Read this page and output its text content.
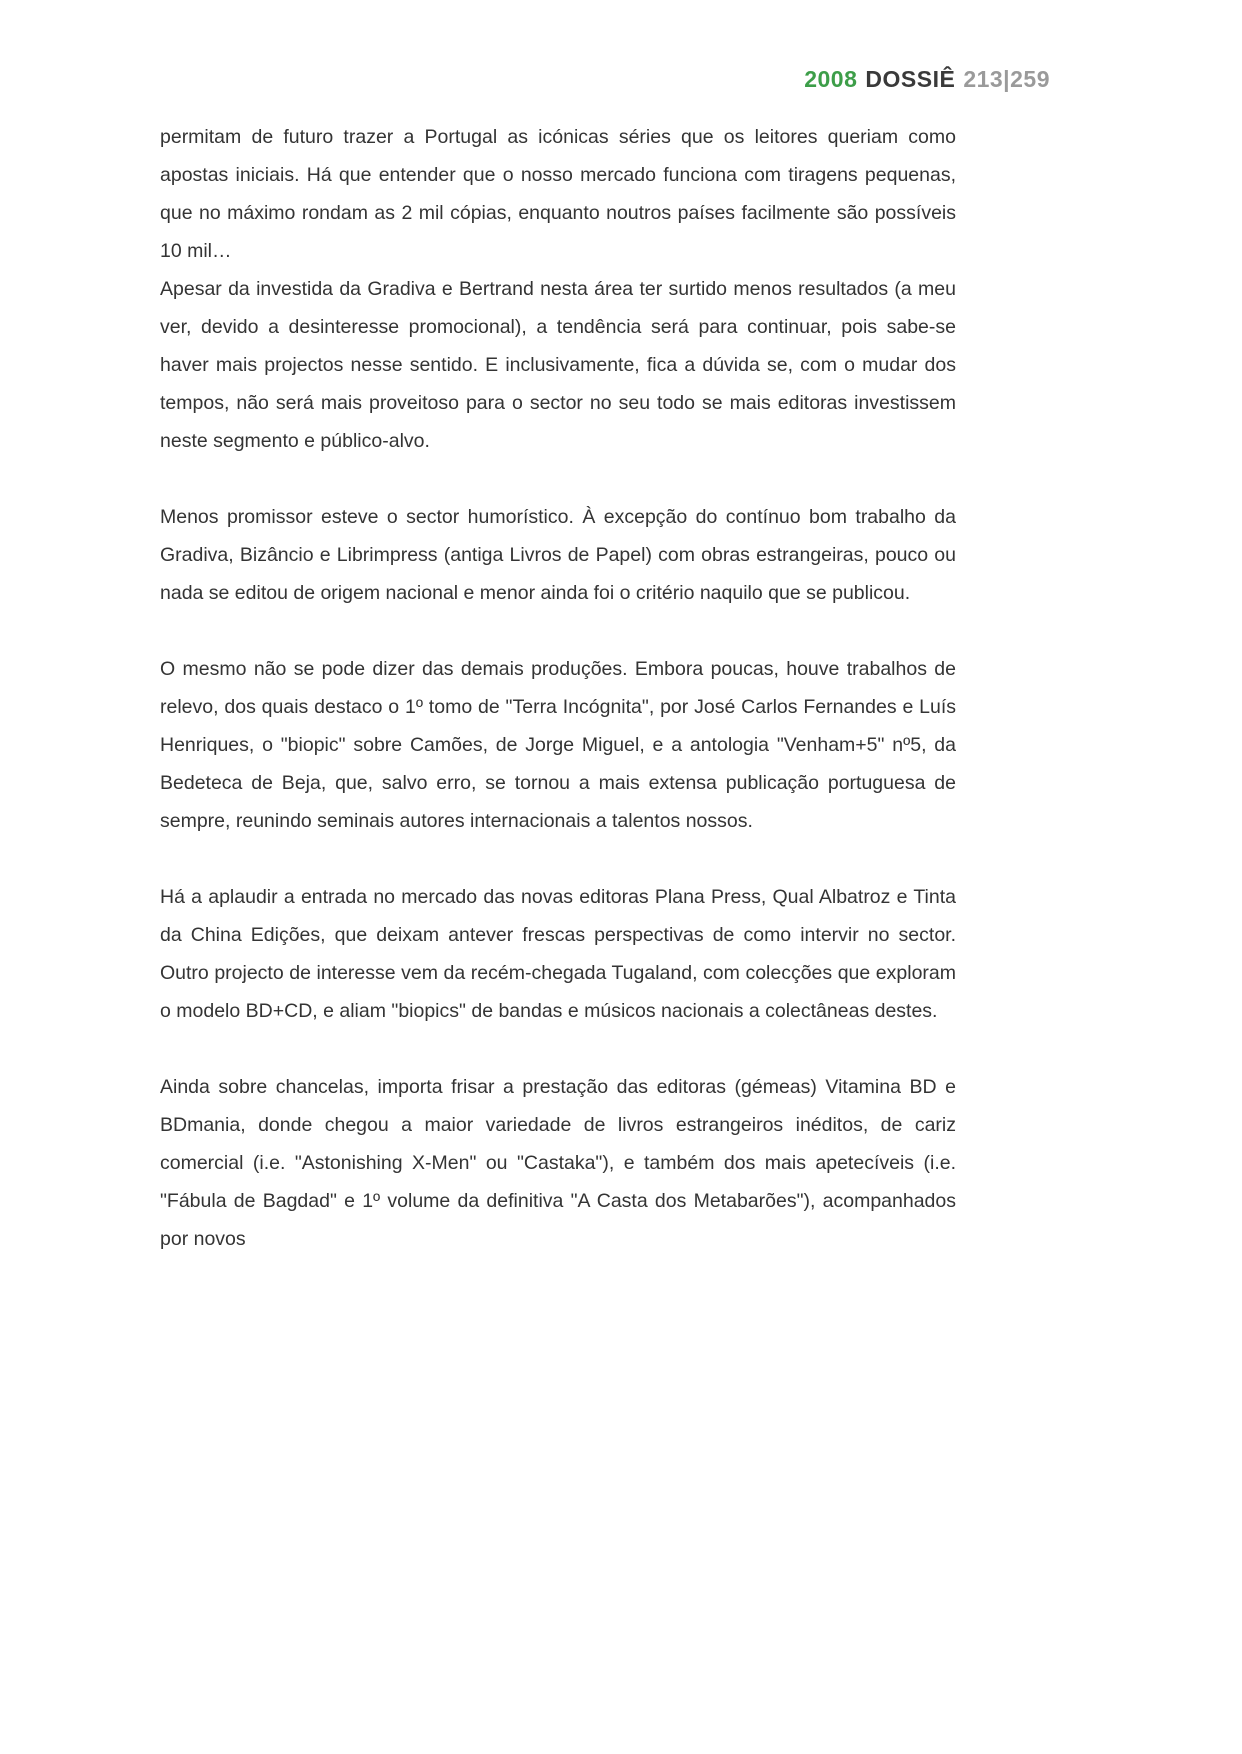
2008 DOSSIÊ 213|259

permitam de futuro trazer a Portugal as icónicas séries que os leitores queriam como apostas iniciais. Há que entender que o nosso mercado funciona com tiragens pequenas, que no máximo rondam as 2 mil cópias, enquanto noutros países facilmente são possíveis 10 mil…

Apesar da investida da Gradiva e Bertrand nesta área ter surtido menos resultados (a meu ver, devido a desinteresse promocional), a tendência será para continuar, pois sabe-se haver mais projectos nesse sentido. E inclusivamente, fica a dúvida se, com o mudar dos tempos, não será mais proveitoso para o sector no seu todo se mais editoras investissem neste segmento e público-alvo.

Menos promissor esteve o sector humorístico. À excepção do contínuo bom trabalho da Gradiva, Bizâncio e Librimpress (antiga Livros de Papel) com obras estrangeiras, pouco ou nada se editou de origem nacional e menor ainda foi o critério naquilo que se publicou.

O mesmo não se pode dizer das demais produções. Embora poucas, houve trabalhos de relevo, dos quais destaco o 1º tomo de "Terra Incógnita", por José Carlos Fernandes e Luís Henriques, o "biopic" sobre Camões, de Jorge Miguel, e a antologia "Venham+5" nº5, da Bedeteca de Beja, que, salvo erro, se tornou a mais extensa publicação portuguesa de sempre, reunindo seminais autores internacionais a talentos nossos.

Há a aplaudir a entrada no mercado das novas editoras Plana Press, Qual Albatroz e Tinta da China Edições, que deixam antever frescas perspectivas de como intervir no sector. Outro projecto de interesse vem da recém-chegada Tugaland, com colecções que exploram o modelo BD+CD, e aliam "biopics" de bandas e músicos nacionais a colectâneas destes.

Ainda sobre chancelas, importa frisar a prestação das editoras (gémeas) Vitamina BD e BDmania, donde chegou a maior variedade de livros estrangeiros inéditos, de cariz comercial (i.e. "Astonishing X-Men" ou "Castaka"), e também dos mais apetecíveis (i.e. "Fábula de Bagdad" e 1º volume da definitiva "A Casta dos Metabarões"), acompanhados por novos
